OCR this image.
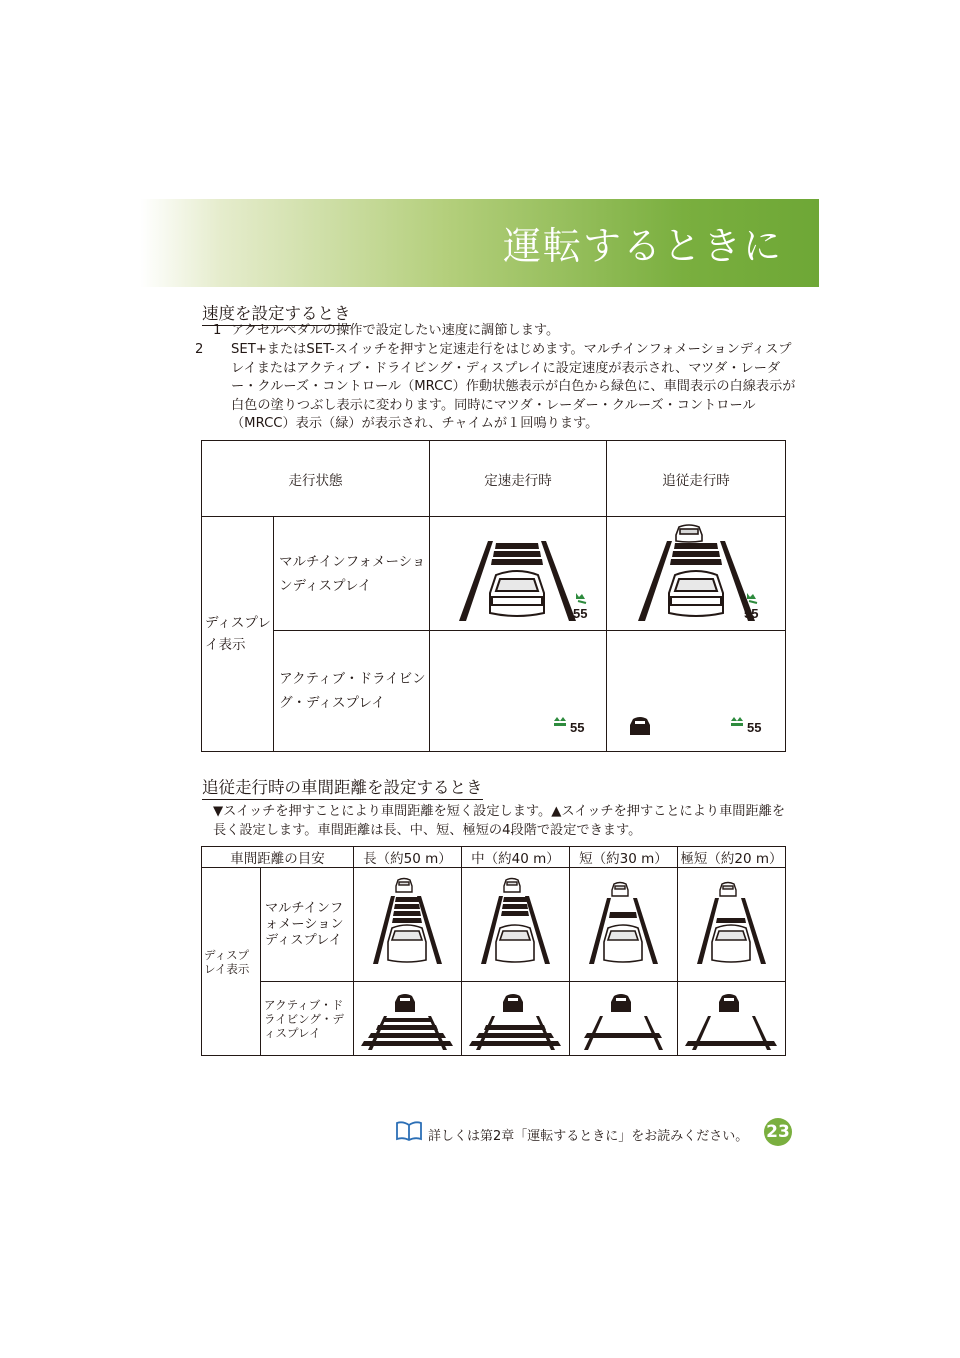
運転するときに
速度を設定するとき
1 アクセルペダルの操作で設定したい速度に調節します。
2 SET+またはSET-スイッチを押すと定速走行をはじめます。マルチインフォメーションディスプレイまたはアクティブ・ドライビング・ディスプレイに設定速度が表示され、マツダ・レーダー・クルーズ・コントロール（MRCC）作動状態表示が白色から緑色に、車間表示の白線表示が白色の塗りつぶし表示に変わります。同時にマツダ・レーダー・クルーズ・コントロール（MRCC）表示（緑）が表示され、チャイムが１回鳴ります。
走行状態		定速走行時	追従走行時
ディスプレイ表示	マルチインフォメーションディスプレイ	55	55

	アクティブ・ドライビング・ディスプレイ	55	55
追従走行時の車間距離を設定するとき
▼スイッチを押すことにより車間距離を短く設定します。▲スイッチを押すことにより車間距離を長く設定します。車間距離は長、中、短、極短の4段階で設定できます。
車間距離の目安		長（約50 m）	中（約40 m）	短（約30 m）	極短（約20 m）
ディスプレイ表示	マルチインフォメーションディスプレイ	

	アクティブ・ドライビング・ディスプレイ	

詳しくは第2章「運転するときに」をお読みください。 23
